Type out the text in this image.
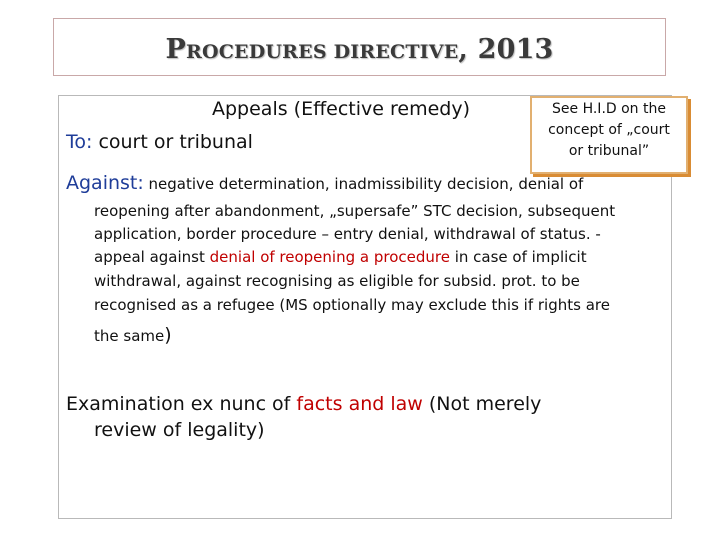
PROCEDURES DIRECTIVE, 2013
Appeals (Effective remedy)
To: court or tribunal
See H.I.D on the
concept of „court
or tribunal”
Against: negative determination, inadmissibility decision, denial of
reopening after abandonment, „supersafe” STC decision, subsequent
application, border procedure – entry denial, withdrawal of status. -
appeal against denial of reopening a procedure in case of implicit
withdrawal, against recognising as eligible for subsid. prot. to be
recognised as a refugee (MS optionally may exclude this if rights are
the same)
Examination ex nunc of facts and law (Not merely
review of legality)
